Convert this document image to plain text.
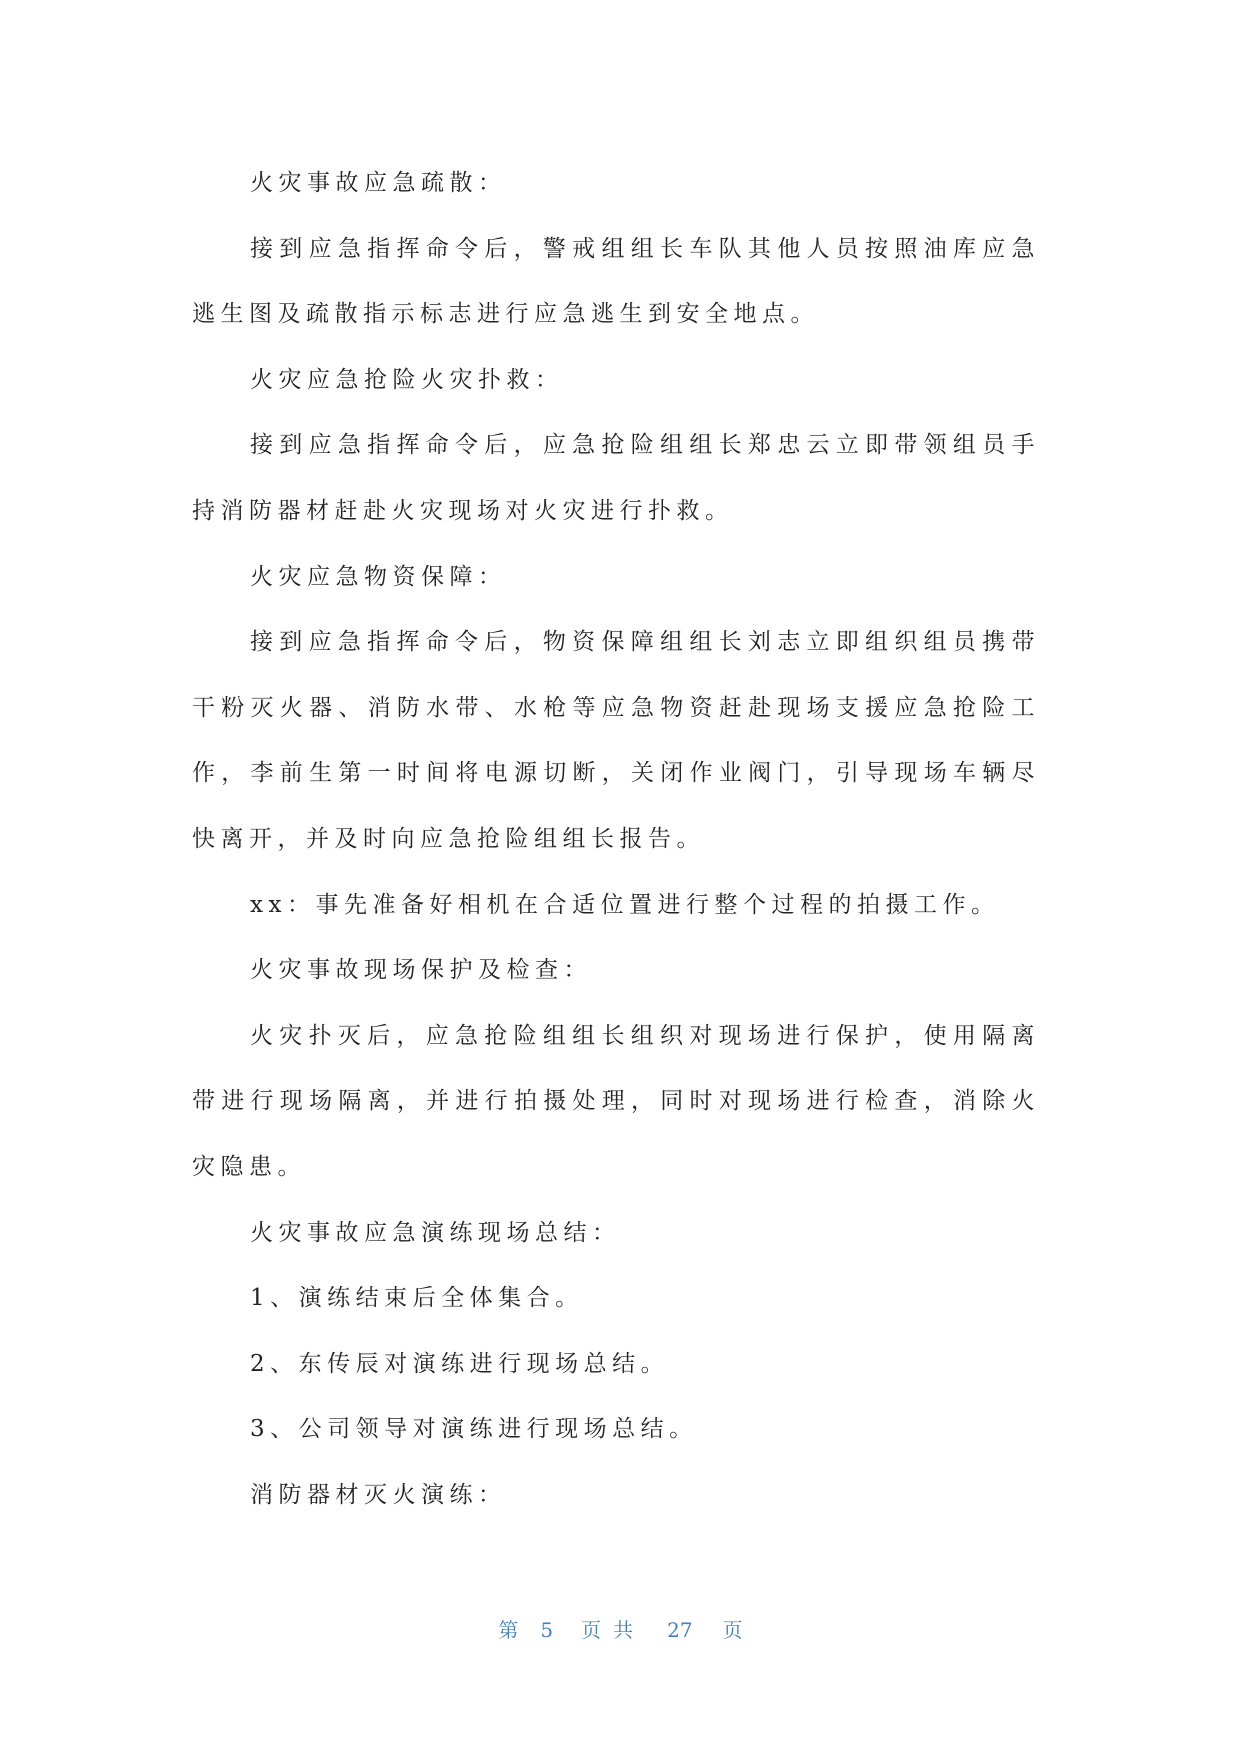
火灾事故应急疏散：
接到应急指挥命令后，警戒组组长车队其他人员按照油库应急
逃生图及疏散指示标志进行应急逃生到安全地点。
火灾应急抢险火灾扑救：
接到应急指挥命令后，应急抢险组组长郑忠云立即带领组员手
持消防器材赶赴火灾现场对火灾进行扑救。
火灾应急物资保障：
接到应急指挥命令后，物资保障组组长刘志立即组织组员携带
干粉灭火器、消防水带、水枪等应急物资赶赴现场支援应急抢险工
作，李前生第一时间将电源切断，关闭作业阀门，引导现场车辆尽
快离开，并及时向应急抢险组组长报告。
xx：事先准备好相机在合适位置进行整个过程的拍摄工作。
火灾事故现场保护及检查：
火灾扑灭后，应急抢险组组长组织对现场进行保护，使用隔离
带进行现场隔离，并进行拍摄处理，同时对现场进行检查，消除火
灾隐患。
火灾事故应急演练现场总结：
1、演练结束后全体集合。
2、东传辰对演练进行现场总结。
3、公司领导对演练进行现场总结。
消防器材灭火演练：
第 5 页共 27 页
